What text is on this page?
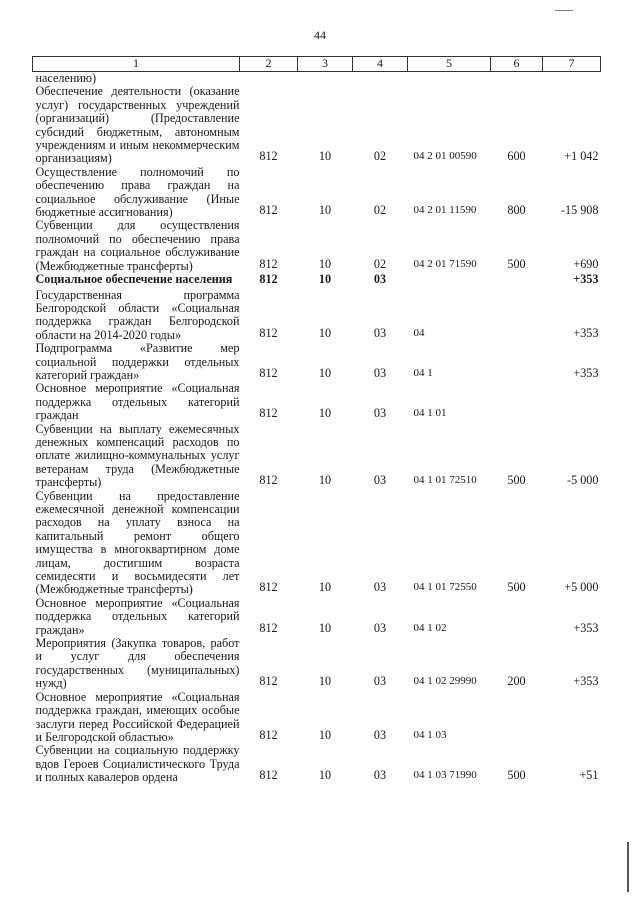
44
1	2	3	4	5	6	7
населению)						
Обеспечение деятельности (оказание услуг) государственных учреждений (организаций) (Предоставление субсидий бюджетным, автономным учреждениям и иным некоммерческим организациям)	812	10	02	04 2 01 00590	600	+1 042
Осуществление полномочий по обеспечению права граждан на социальное обслуживание (Иные бюджетные ассигнования)	812	10	02	04 2 01 11590	800	-15 908
Субвенции для осуществления полномочий по обеспечению права граждан на социальное обслуживание (Межбюджетные трансферты)	812	10	02	04 2 01 71590	500	+690
Социальное обеспечение населения	812	10	03			+353
Государственная программа Белгородской области «Социальная поддержка граждан Белгородской области на 2014-2020 годы»	812	10	03	04		+353
Подпрограмма «Развитие мер социальной поддержки отдельных категорий граждан»	812	10	03	04 1		+353
Основное мероприятие «Социальная поддержка отдельных категорий граждан	812	10	03	04 1 01		
Субвенции на выплату ежемесячных денежных компенсаций расходов по оплате жилищно-коммунальных услуг ветеранам труда (Межбюджетные трансферты)	812	10	03	04 1 01 72510	500	-5 000
Субвенции на предоставление ежемесячной денежной компенсации расходов на уплату взноса на капитальный ремонт общего имущества в многоквартирном доме лицам, достигшим возраста семидесяти и восьмидесяти лет (Межбюджетные трансферты)	812	10	03	04 1 01 72550	500	+5 000
Основное мероприятие «Социальная поддержка отдельных категорий граждан»	812	10	03	04 1 02		+353
Мероприятия (Закупка товаров, работ и услуг для обеспечения государственных (муниципальных) нужд)	812	10	03	04 1 02 29990	200	+353
Основное мероприятие «Социальная поддержка граждан, имеющих особые заслуги перед Российской Федерацией и Белгородской областью»	812	10	03	04 1 03		
Субвенции на социальную поддержку вдов Героев Социалистического Труда и полных кавалеров ордена	812	10	03	04 1 03 71990	500	+51
